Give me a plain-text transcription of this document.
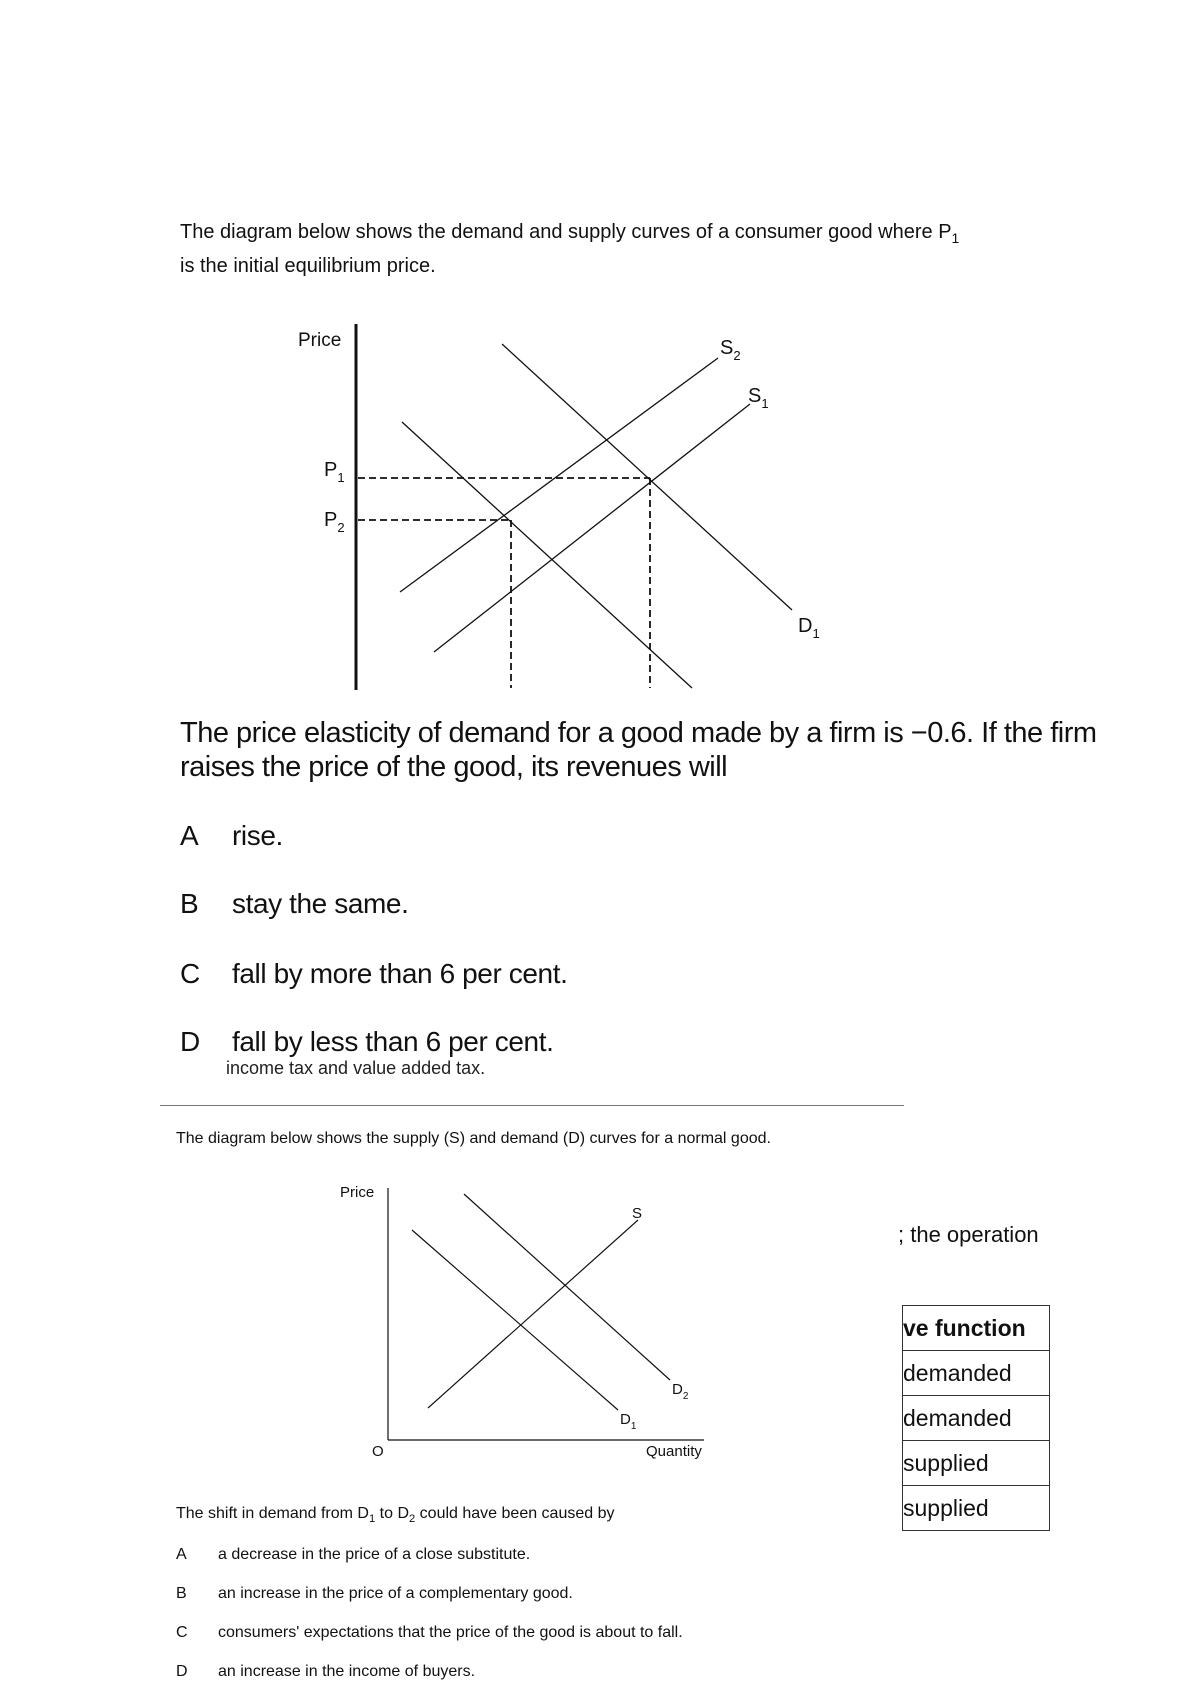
The diagram below shows the demand and supply curves of a consumer good where $P_1$
is the initial equilibrium price.
Price
$P_1$
$P_2$
$S_2$
$S_1$
$D_1$
The price elasticity of demand for a good made by a firm is −0.6. If the firm raises the price of the good, its revenues will
A rise.
B stay the same.
C fall by more than 6 per cent.
D fall by less than 6 per cent.
income tax and value added tax.
The diagram below shows the supply (S) and demand (D) curves for a normal good.
Price
Quantity
O
S
$D_1$
$D_2$
The shift in demand from $D_1$ to $D_2$ could have been caused by
A a decrease in the price of a close substitute.
B an increase in the price of a complementary good.
C consumers' expectations that the price of the good is about to fall.
D an increase in the income of buyers.
; the operation
ve function
demanded
demanded
supplied
supplied
